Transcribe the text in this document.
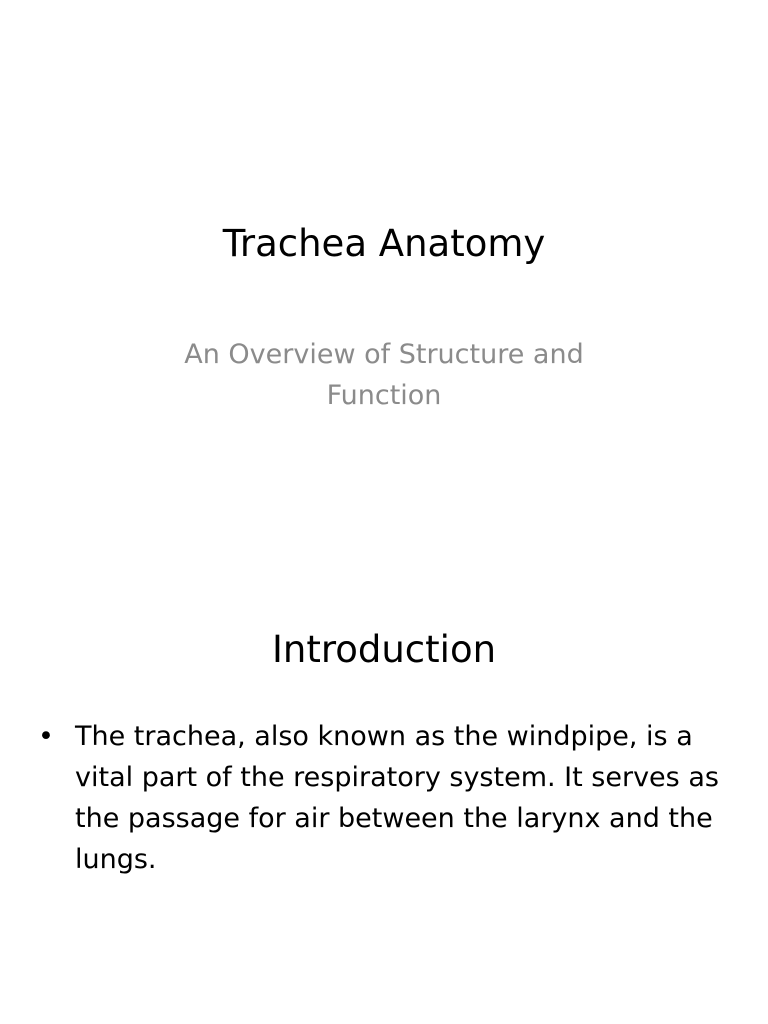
Trachea Anatomy

An Overview of Structure and Function

Introduction
• The trachea, also known as the windpipe, is a vital part of the respiratory system. It serves as the passage for air between the larynx and the lungs.
